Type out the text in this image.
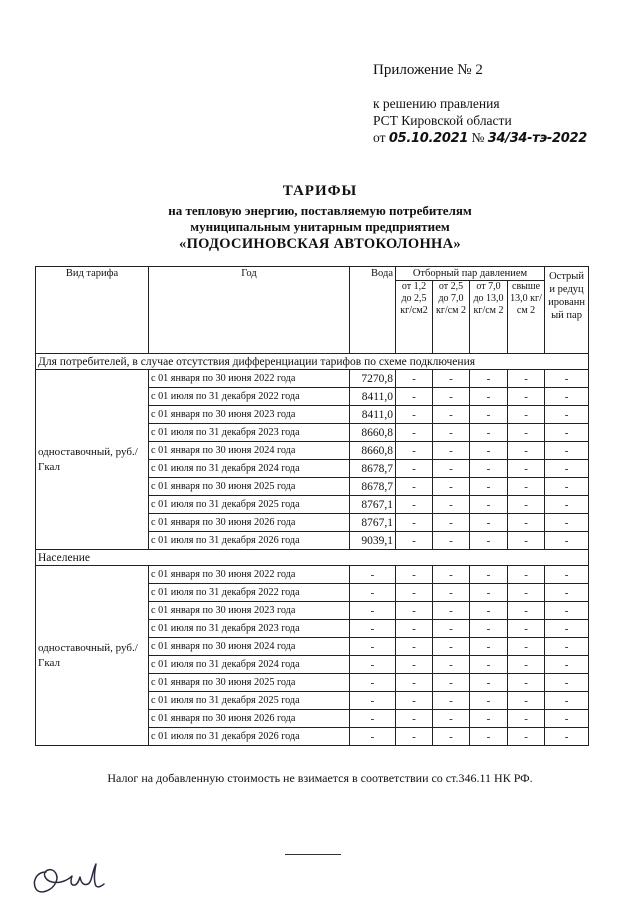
Приложение № 2
к решению правления
РСТ Кировской области
от 05.10.2021 № 34/34-тэ-2022
ТАРИФЫ
на тепловую энергию, поставляемую потребителям
муниципальным унитарным предприятием
«ПОДОСИНОВСКАЯ АВТОКОЛОННА»
Вид тарифа	Год	Вода	Отборный пар давлением				Острый и редуцированный пар
			от 1,2 до 2,5 кг/см2	от 2,5 до 7,0 кг/см 2	от 7,0 до 13,0 кг/см 2	свыше 13,0 кг/см 2	
Для потребителей, в случае отсутствия дифференциации тарифов по схеме подключения							
одноставочный, руб./Гкал	с 01 января по 30 июня 2022 года	7270,8	-	-	-	-	-
	с 01 июля по 31 декабря 2022 года	8411,0	-	-	-	-	-
	с 01 января по 30 июня 2023 года	8411,0	-	-	-	-	-
	с 01 июля по 31 декабря 2023 года	8660,8	-	-	-	-	-
	с 01 января по 30 июня 2024 года	8660,8	-	-	-	-	-
	с 01 июля по 31 декабря 2024 года	8678,7	-	-	-	-	-
	с 01 января по 30 июня 2025 года	8678,7	-	-	-	-	-
	с 01 июля по 31 декабря 2025 года	8767,1	-	-	-	-	-
	с 01 января по 30 июня 2026 года	8767,1	-	-	-	-	-
	с 01 июля по 31 декабря 2026 года	9039,1	-	-	-	-	-
Население							
одноставочный, руб./Гкал	с 01 января по 30 июня 2022 года	-	-	-	-	-	-
	с 01 июля по 31 декабря 2022 года	-	-	-	-	-	-
	с 01 января по 30 июня 2023 года	-	-	-	-	-	-
	с 01 июля по 31 декабря 2023 года	-	-	-	-	-	-
	с 01 января по 30 июня 2024 года	-	-	-	-	-	-
	с 01 июля по 31 декабря 2024 года	-	-	-	-	-	-
	с 01 января по 30 июня 2025 года	-	-	-	-	-	-
	с 01 июля по 31 декабря 2025 года	-	-	-	-	-	-
	с 01 января по 30 июня 2026 года	-	-	-	-	-	-
	с 01 июля по 31 декабря 2026 года	-	-	-	-	-	-
Налог на добавленную стоимость не взимается в соответствии со ст.346.11 НК РФ.
